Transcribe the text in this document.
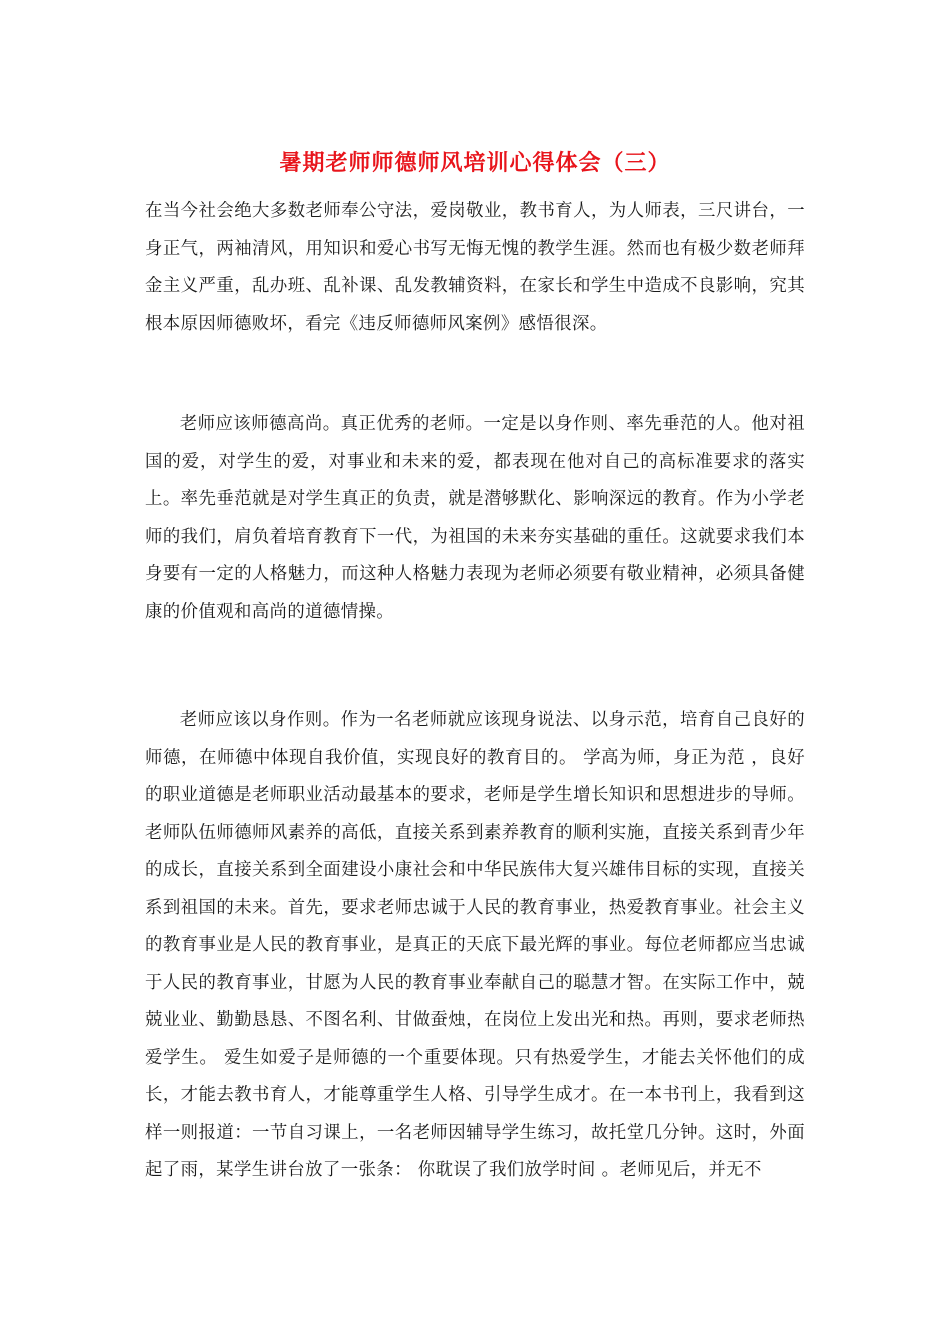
暑期老师师德师风培训心得体会（三）

在当今社会绝大多数老师奉公守法，爱岗敬业，教书育人，为人师表，三尺讲台，一身正气，两袖清风，用知识和爱心书写无悔无愧的教学生涯。然而也有极少数老师拜金主义严重，乱办班、乱补课、乱发教辅资料，在家长和学生中造成不良影响，究其根本原因师德败坏，看完《违反师德师风案例》感悟很深。

老师应该师德高尚。真正优秀的老师。一定是以身作则、率先垂范的人。他对祖国的爱，对学生的爱，对事业和未来的爱，都表现在他对自己的高标准要求的落实上。率先垂范就是对学生真正的负责，就是潜够默化、影响深远的教育。作为小学老师的我们，肩负着培育教育下一代，为祖国的未来夯实基础的重任。这就要求我们本身要有一定的人格魅力，而这种人格魅力表现为老师必须要有敬业精神，必须具备健康的价值观和高尚的道德情操。

老师应该以身作则。作为一名老师就应该现身说法、以身示范，培育自己良好的师德，在师德中体现自我价值，实现良好的教育目的。 学高为师，身正为范 ，良好的职业道德是老师职业活动最基本的要求，老师是学生增长知识和思想进步的导师。老师队伍师德师风素养的高低，直接关系到素养教育的顺利实施，直接关系到青少年的成长，直接关系到全面建设小康社会和中华民族伟大复兴雄伟目标的实现，直接关系到祖国的未来。首先，要求老师忠诚于人民的教育事业，热爱教育事业。社会主义的教育事业是人民的教育事业，是真正的天底下最光辉的事业。每位老师都应当忠诚于人民的教育事业，甘愿为人民的教育事业奉献自己的聪慧才智。在实际工作中，兢兢业业、勤勤恳恳、不图名利、甘做蚕烛，在岗位上发出光和热。再则，要求老师热爱学生。 爱生如爱子是师德的一个重要体现。只有热爱学生，才能去关怀他们的成长，才能去教书育人，才能尊重学生人格、引导学生成才。在一本书刊上，我看到这样一则报道：一节自习课上，一名老师因辅导学生练习，故托堂几分钟。这时，外面起了雨，某学生讲台放了一张条： 你耽误了我们放学时间 。老师见后，并无不
